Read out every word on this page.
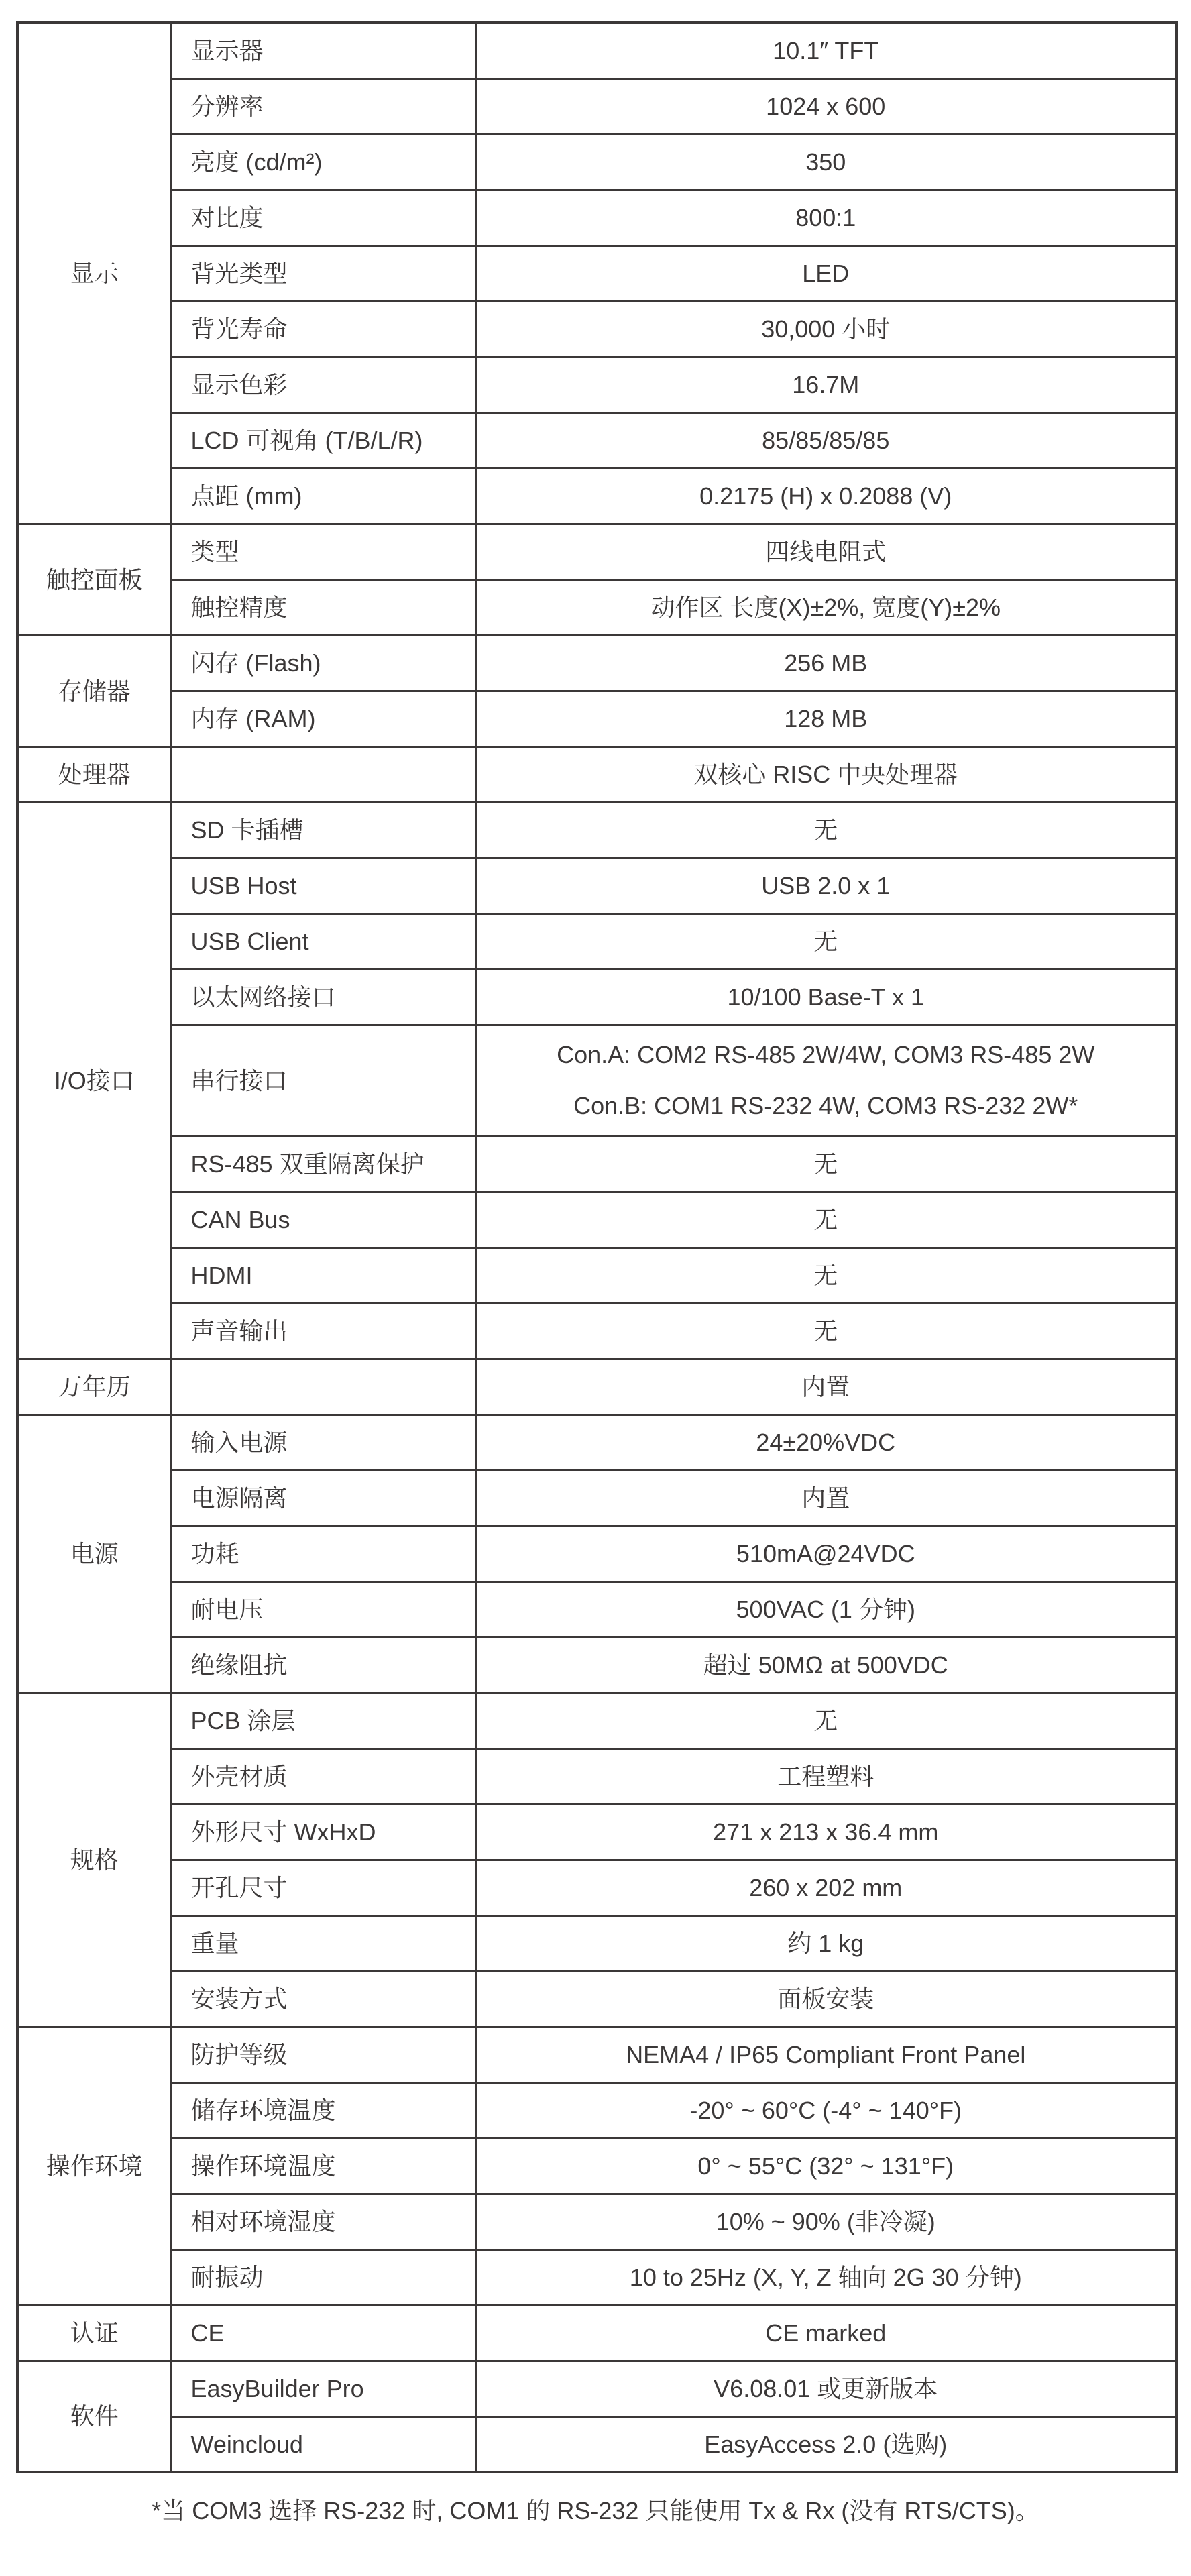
显示	显示器	10.1″ TFT
	分辨率	1024 x 600
	亮度 (cd/m²)	350
	对比度	800:1
	背光类型	LED
	背光寿命	30,000 小时
	显示色彩	16.7M
	LCD 可视角 (T/B/L/R)	85/85/85/85
	点距 (mm)	0.2175 (H) x 0.2088 (V)
触控面板	类型	四线电阻式
	触控精度	动作区 长度(X)±2%, 宽度(Y)±2%
存储器	闪存 (Flash)	256 MB
	内存 (RAM)	128 MB
处理器		双核心 RISC 中央处理器
I/O接口	SD 卡插槽	无
	USB Host	USB 2.0 x 1
	USB Client	无
	以太网络接口	10/100 Base-T x 1
	串行接口	Con.A: COM2 RS-485 2W/4W, COM3 RS-485 2W
Con.B: COM1 RS-232 4W, COM3 RS-232 2W*

	RS-485 双重隔离保护	无
	CAN Bus	无
	HDMI	无
	声音输出	无
万年历		内置
电源	输入电源	24±20%VDC
	电源隔离	内置
	功耗	510mA@24VDC
	耐电压	500VAC (1 分钟)
	绝缘阻抗	超过 50MΩ at 500VDC
规格	PCB 涂层	无
	外壳材质	工程塑料
	外形尺寸 WxHxD	271 x 213 x 36.4 mm
	开孔尺寸	260 x 202 mm
	重量	约 1 kg
	安装方式	面板安装
操作环境	防护等级	NEMA4 / IP65 Compliant Front Panel
	储存环境温度	-20° ~ 60°C (-4° ~ 140°F)
	操作环境温度	0° ~ 55°C (32° ~ 131°F)
	相对环境湿度	10% ~ 90% (非冷凝)
	耐振动	10 to 25Hz (X, Y, Z 轴向 2G 30 分钟)
认证	CE	CE marked
软件	EasyBuilder Pro	V6.08.01 或更新版本
	Weincloud	EasyAccess 2.0 (选购)
*当 COM3 选择 RS-232 时, COM1 的 RS-232 只能使用 Tx & Rx (没有 RTS/CTS)。
